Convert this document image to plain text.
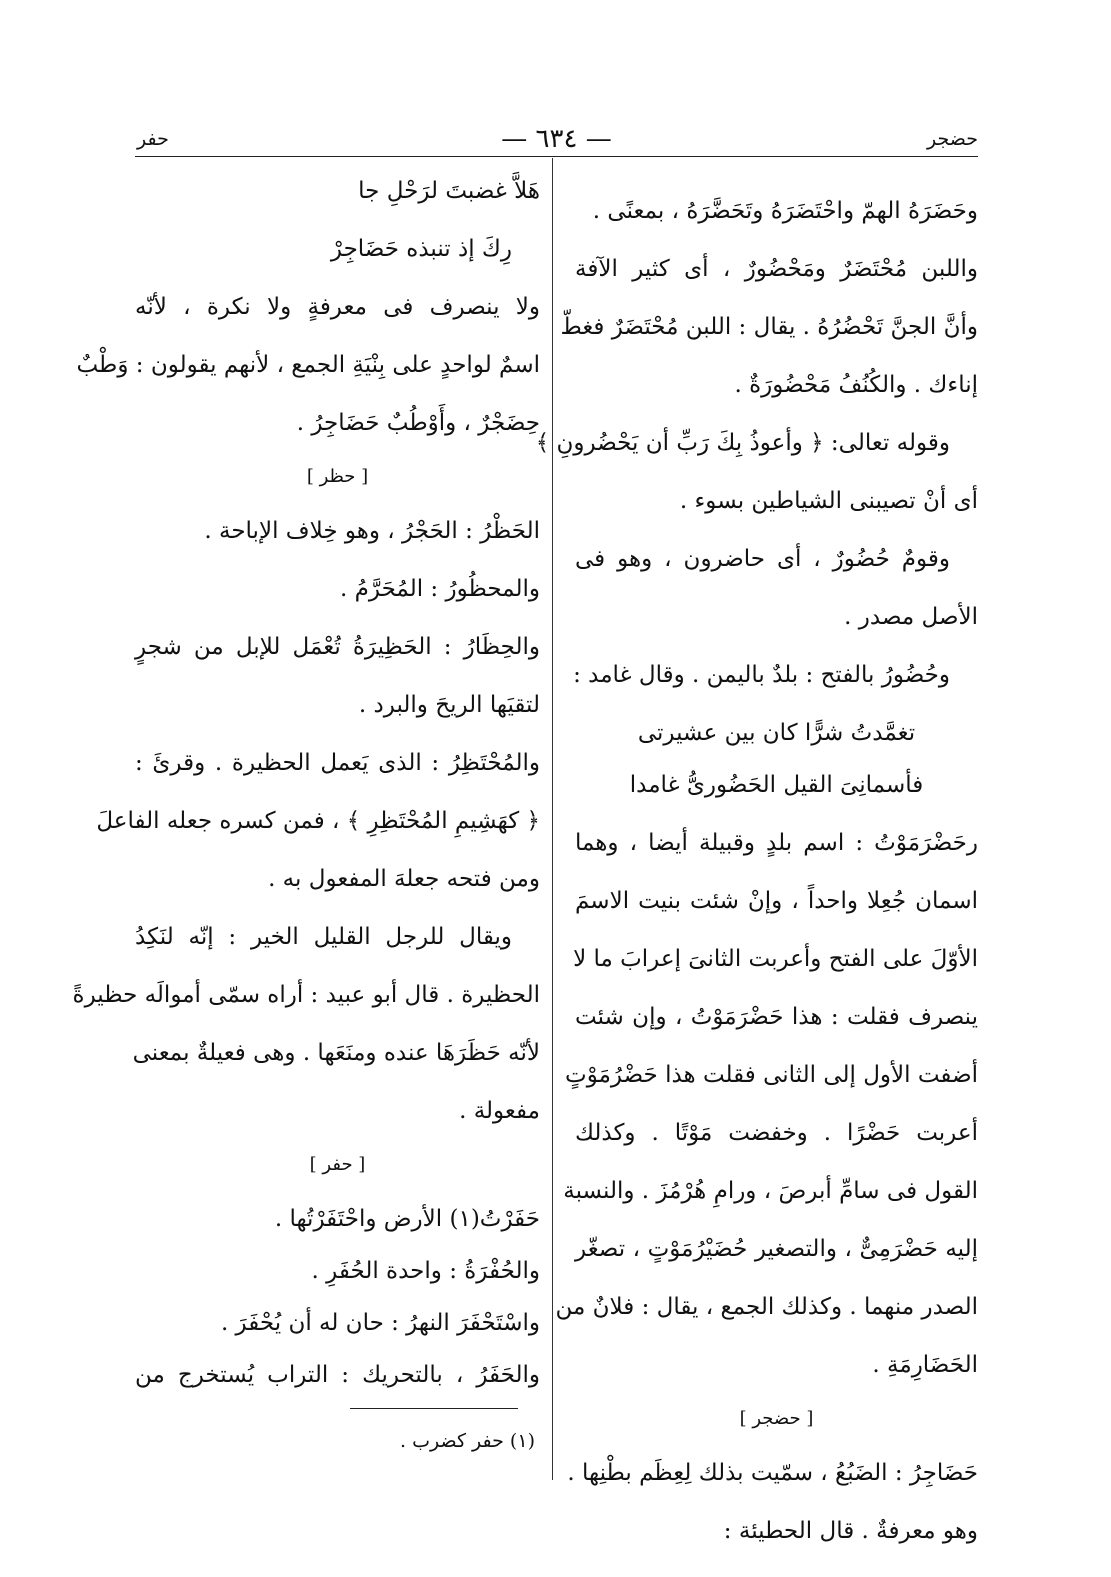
حضجر
— ٦٣٤ —
حفر
وحَضَرَهُ الهمّ واحْتَضَرَهُ وتَحَضَّرَهُ ، بمعنًى .
واللبن مُحْتَضَرٌ ومَحْضُورٌ ، أى كثير الآفة
وأنَّ الجنَّ تَحْضُرُهُ . يقال : اللبن مُحْتَضَرٌ فغطّ
إناءك . والكُنُفُ مَحْضُورَةٌ .
وقوله تعالى: ﴿ وأعوذُ بِكَ رَبِّ أن يَحْضُرونِ ﴾
أى أنْ تصيبنى الشياطين بسوء .
وقومٌ حُضُورٌ ، أى حاضرون ، وهو فى
الأصل مصدر .
وحُضُورُ بالفتح : بلدٌ باليمن . وقال غامد :
تغمَّدتُ شرًّا كان بين عشيرتى
فأسمانِىَ القيل الحَضُورىُّ غامدا
رحَضْرَمَوْتُ : اسم بلدٍ وقبيلة أيضا ، وهما
اسمان جُعِلا واحداً ، وإنْ شئت بنيت الاسمَ
الأوّلَ على الفتح وأعربت الثانىَ إعرابَ ما لا
ينصرف فقلت : هذا حَضْرَمَوْتُ ، وإن شئت
أضفت الأول إلى الثانى فقلت هذا حَضْرُمَوْتٍ
أعربت حَضْرًا . وخفضت مَوْتًا . وكذلك
القول فى سامِّ أبرصَ ، ورامِ هُرْمُزَ . والنسبة
إليه حَضْرَمِىٌّ ، والتصغير حُضَيْرُمَوْتٍ ، تصغّر
الصدر منهما . وكذلك الجمع ، يقال : فلانٌ من
الحَضَارِمَةِ .
[ حضجر ]
حَضَاجِرُ : الضَبُعُ ، سمّيت بذلك لِعِظَم بطْنِها .
وهو معرفةٌ . قال الحطيئة :
هَلاَّ غضبتَ لرَحْلِ جا
رِكَ إذ تنبذه حَضَاجِرْ
ولا ينصرف فى معرفةٍ ولا نكرة ، لأنّه
اسمٌ لواحدٍ على بِنْيَةِ الجمع ، لأنهم يقولون : وَطْبٌ
حِضَجْرٌ ، وأَوْطُبٌ حَضَاجِرُ .
[ حظر ]
الحَظْرُ : الحَجْرُ ، وهو خِلاف الإباحة .
والمحظُورُ : المُحَرَّمُ .
والحِظَارُ : الحَظِيرَةُ تُعْمَل للإبل من شجرٍ
لتقيَها الريحَ والبرد .
والمُحْتَظِرُ : الذى يَعمل الحظيرة . وقرئَ :
﴿ كهَشِيمِ المُحْتَظِرِ ﴾ ، فمن كسره جعله الفاعلَ
ومن فتحه جعلهَ المفعول به .
ويقال للرجل القليل الخير : إنّه لنَكِدُ
الحظيرة . قال أبو عبيد : أراه سمّى أموالَه حظيرةً
لأنّه حَظَرَهَا عنده ومنَعَها . وهى فعيلةٌ بمعنى
مفعولة .
[ حفر ]
حَفَرْتُ(١) الأرض واحْتَفَرْتُها .
والحُفْرَةُ : واحدة الحُفَرِ .
واسْتَحْفَرَ النهرُ : حان له أن يُحْفَرَ .
والحَفَرُ ، بالتحريك : التراب يُستخرج من
(١) حفر كضرب .
